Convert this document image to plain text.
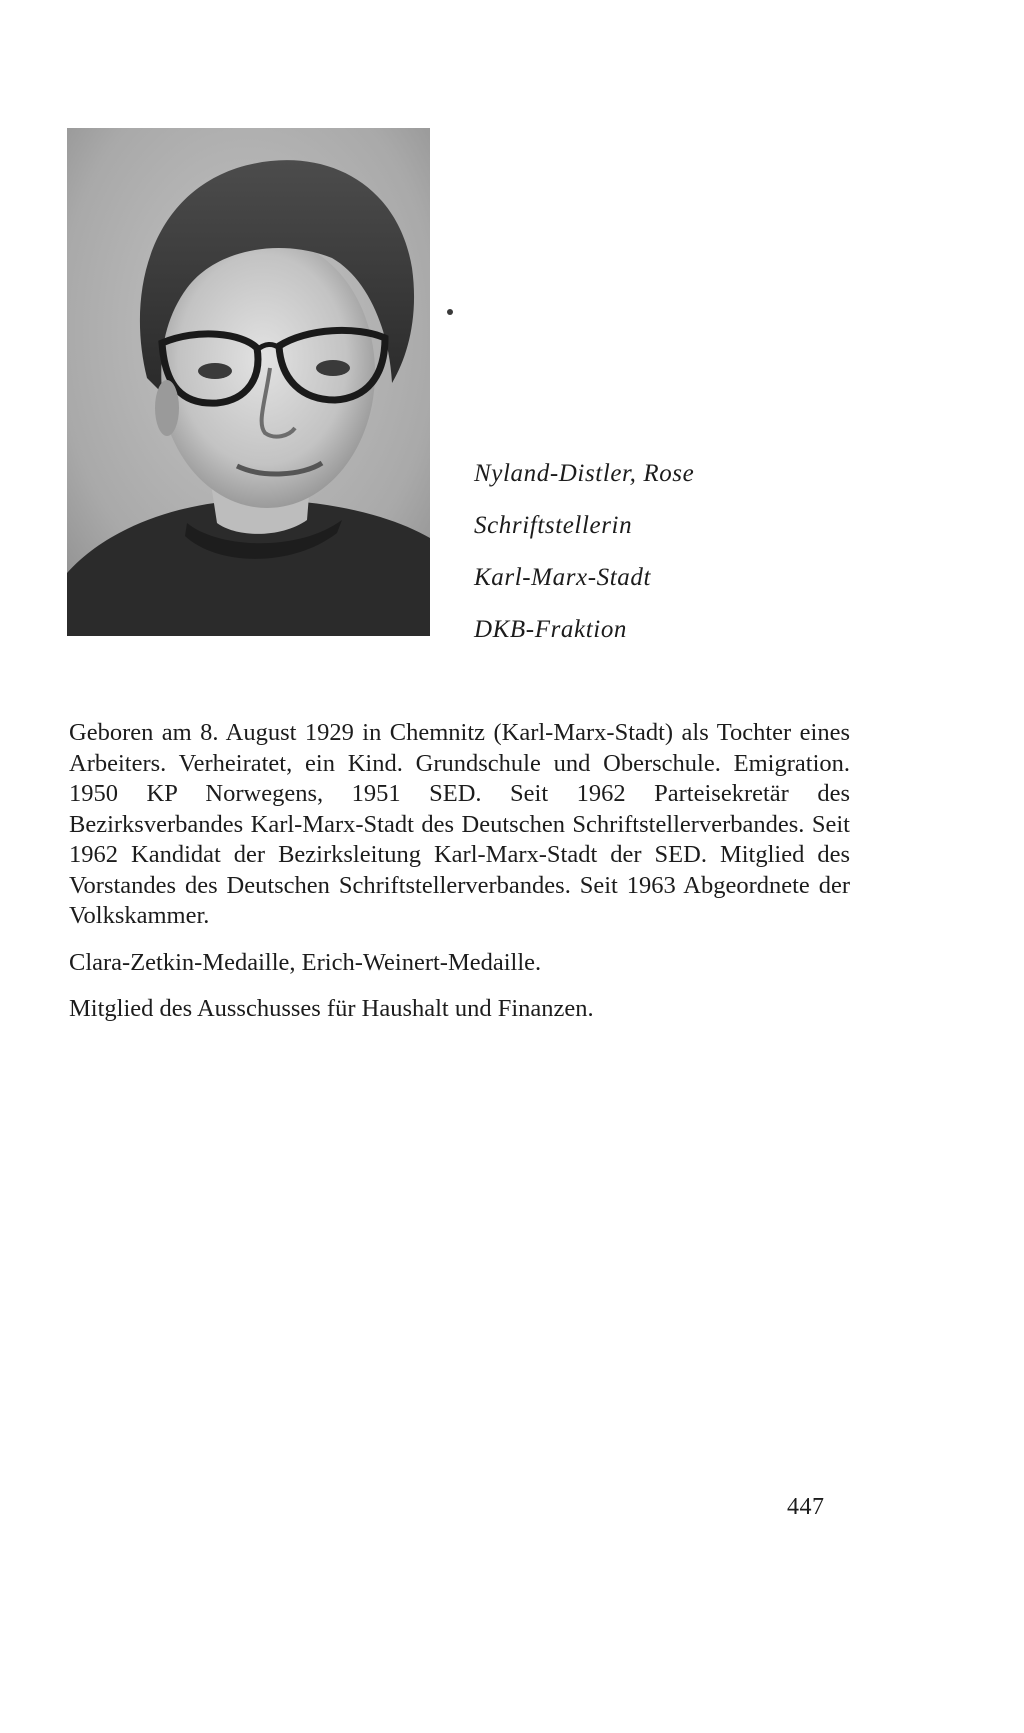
Nyland-Distler, Rose
Schriftstellerin
Karl-Marx-Stadt
DKB-Fraktion

Geboren am 8. August 1929 in Chemnitz (Karl-Marx-Stadt) als Tochter eines Arbeiters. Verheiratet, ein Kind. Grundschule und Oberschule. Emigration. 1950 KP Norwegens, 1951 SED. Seit 1962 Parteisekretär des Bezirksverbandes Karl-Marx-Stadt des Deutschen Schriftstellerverbandes. Seit 1962 Kandidat der Bezirksleitung Karl-Marx-Stadt der SED. Mitglied des Vorstandes des Deutschen Schriftstellerverbandes. Seit 1963 Abgeordnete der Volkskammer.

Clara-Zetkin-Medaille, Erich-Weinert-Medaille.

Mitglied des Ausschusses für Haushalt und Finanzen.

447
